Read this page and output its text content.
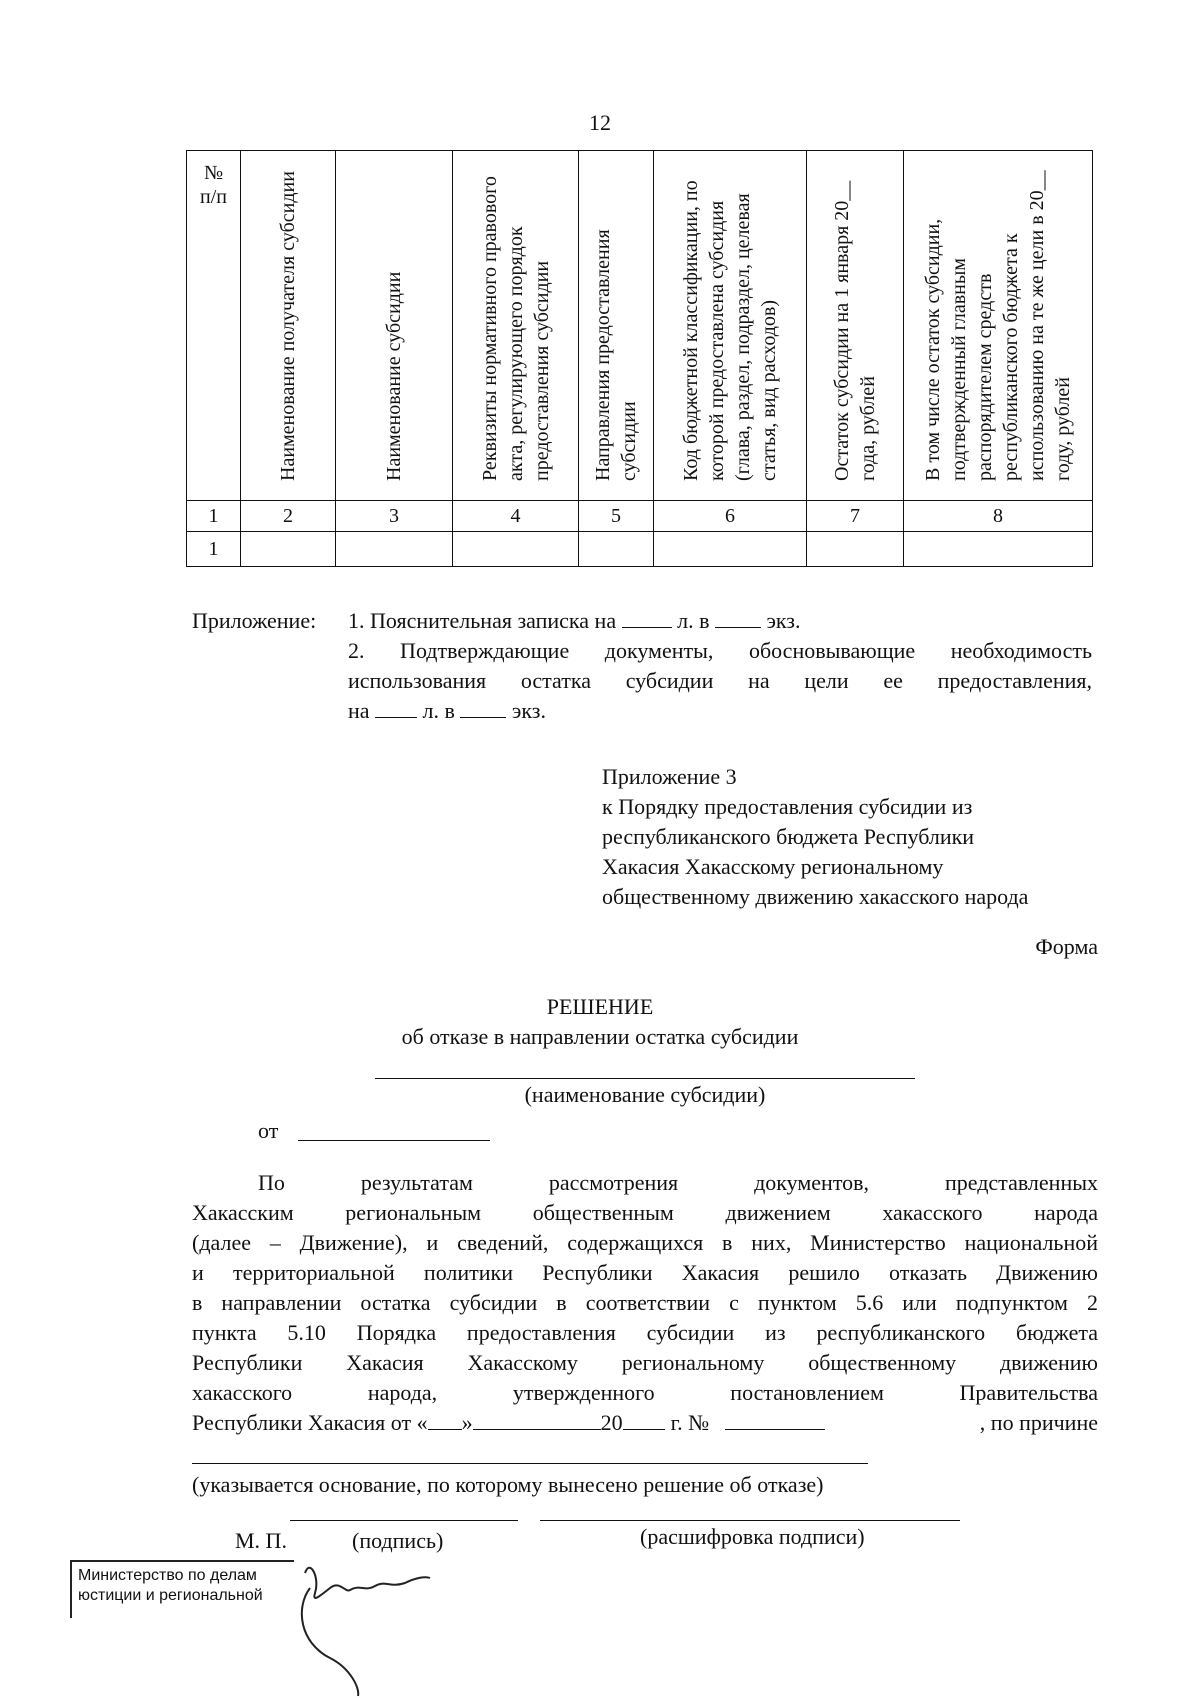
12
№
п/п	Наименование получателя субсидии	Наименование субсидии	Реквизиты нормативного правового акта, регулирующего порядок предоставления субсидии	Направления предоставления субсидии	Код бюджетной классификации, по которой предоставлена субсидия (глава, раздел, подраздел, целевая статья, вид расходов)	Остаток субсидии на 1 января 20__ года, рублей	В том числе остаток субсидии, подтвержденный главным распорядителем средств республиканского бюджета к использованию на те же цели в 20__ году, рублей

1	2	3	4	5	6	7	8
1							
Приложение: 1. Пояснительная записка на	л. в	экз.
2. Подтверждающие документы, обосновывающие необходимость
использования остатка субсидии на цели ее предоставления,
на л. в	экз.
Приложение 3
к Порядку предоставления субсидии из
республиканского бюджета Республики
Хакасия Хакасскому региональному
общественному движению хакасского народа
Форма
РЕШЕНИЕ
об отказе в направлении остатка субсидии
(наименование субсидии)
от
По результатам рассмотрения документов, представленных
Хакасским региональным общественным движением хакасского народа
(далее – Движение), и сведений, содержащихся в них, Министерство национальной
и территориальной политики Республики Хакасия решило отказать Движению
в направлении остатка субсидии в соответствии с пунктом 5.6 или подпунктом 2
пункта 5.10 Порядка предоставления субсидии из республиканского бюджета
Республики Хакасия Хакасскому региональному общественному движению
хакасского народа, утвержденного постановлением Правительства
Республики Хакасия от « »	20 г. №	, по причине
(указывается основание, по которому вынесено решение об отказе)
М. П.	(подпись)	(расшифровка подписи)
Министерство по делам
юстиции и региональной
